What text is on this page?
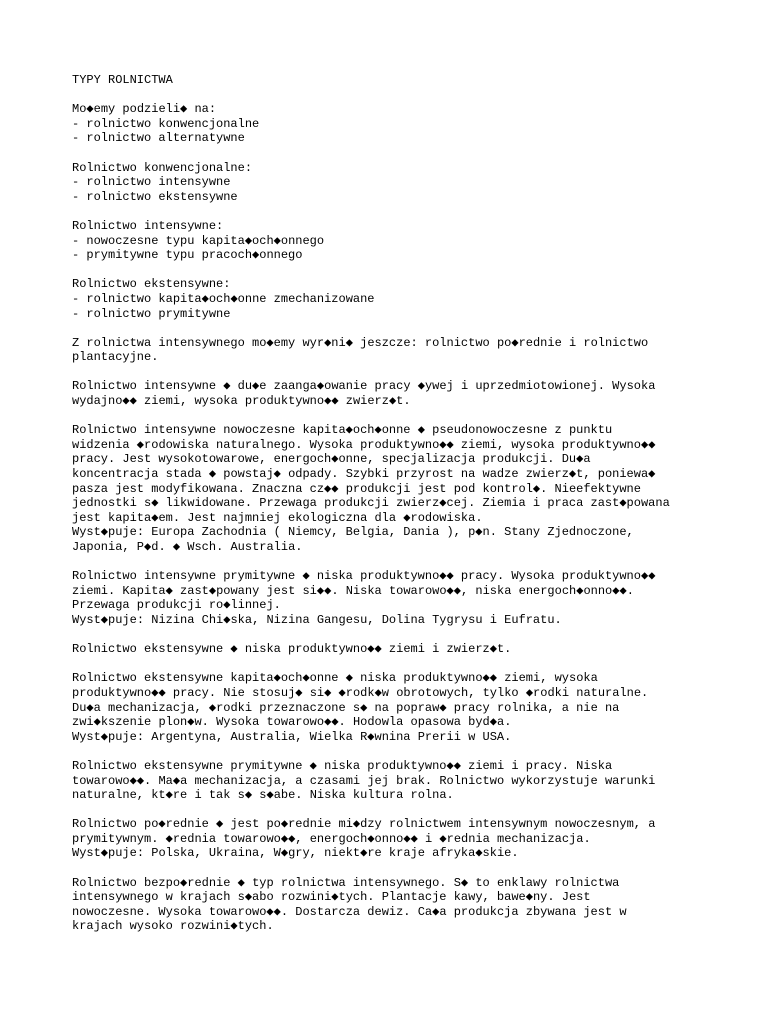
TYPY ROLNICTWA
Mo◆emy podzieli◆ na:
- rolnictwo konwencjonalne
- rolnictwo alternatywne
Rolnictwo konwencjonalne:
- rolnictwo intensywne
- rolnictwo ekstensywne
Rolnictwo intensywne:
- nowoczesne typu kapita◆och◆onnego
- prymitywne typu pracoch◆onnego
Rolnictwo ekstensywne:
- rolnictwo kapita◆och◆onne zmechanizowane
- rolnictwo prymitywne
Z rolnictwa intensywnego mo◆emy wyr◆ni◆ jeszcze: rolnictwo po◆rednie i rolnictwo
plantacyjne.
Rolnictwo intensywne ◆ du◆e zaanga◆owanie pracy ◆ywej i uprzedmiotowionej. Wysoka
wydajno◆◆ ziemi, wysoka produktywno◆◆ zwierz◆t.
Rolnictwo intensywne nowoczesne kapita◆och◆onne ◆ pseudonowoczesne z punktu
widzenia ◆rodowiska naturalnego. Wysoka produktywno◆◆ ziemi, wysoka produktywno◆◆
pracy. Jest wysokotowarowe, energoch◆onne, specjalizacja produkcji. Du◆a
koncentracja stada ◆ powstaj◆ odpady. Szybki przyrost na wadze zwierz◆t, poniewa◆
pasza jest modyfikowana. Znaczna cz◆◆ produkcji jest pod kontrol◆. Nieefektywne
jednostki s◆ likwidowane. Przewaga produkcji zwierz◆cej. Ziemia i praca zast◆powana
jest kapita◆em. Jest najmniej ekologiczna dla ◆rodowiska.
Wyst◆puje: Europa Zachodnia ( Niemcy, Belgia, Dania ), p◆n. Stany Zjednoczone,
Japonia, P◆d. ◆ Wsch. Australia.
Rolnictwo intensywne prymitywne ◆ niska produktywno◆◆ pracy. Wysoka produktywno◆◆
ziemi. Kapita◆ zast◆powany jest si◆◆. Niska towarowo◆◆, niska energoch◆onno◆◆.
Przewaga produkcji ro◆linnej.
Wyst◆puje: Nizina Chi◆ska, Nizina Gangesu, Dolina Tygrysu i Eufratu.
Rolnictwo ekstensywne ◆ niska produktywno◆◆ ziemi i zwierz◆t.
Rolnictwo ekstensywne kapita◆och◆onne ◆ niska produktywno◆◆ ziemi, wysoka
produktywno◆◆ pracy. Nie stosuj◆ si◆ ◆rodk◆w obrotowych, tylko ◆rodki naturalne.
Du◆a mechanizacja, ◆rodki przeznaczone s◆ na popraw◆ pracy rolnika, a nie na
zwi◆kszenie plon◆w. Wysoka towarowo◆◆. Hodowla opasowa byd◆a.
Wyst◆puje: Argentyna, Australia, Wielka R◆wnina Prerii w USA.
Rolnictwo ekstensywne prymitywne ◆ niska produktywno◆◆ ziemi i pracy. Niska
towarowo◆◆. Ma◆a mechanizacja, a czasami jej brak. Rolnictwo wykorzystuje warunki
naturalne, kt◆re i tak s◆ s◆abe. Niska kultura rolna.
Rolnictwo po◆rednie ◆ jest po◆rednie mi◆dzy rolnictwem intensywnym nowoczesnym, a
prymitywnym. ◆rednia towarowo◆◆, energoch◆onno◆◆ i ◆rednia mechanizacja.
Wyst◆puje: Polska, Ukraina, W◆gry, niekt◆re kraje afryka◆skie.
Rolnictwo bezpo◆rednie ◆ typ rolnictwa intensywnego. S◆ to enklawy rolnictwa
intensywnego w krajach s◆abo rozwini◆tych. Plantacje kawy, bawe◆ny. Jest
nowoczesne. Wysoka towarowo◆◆. Dostarcza dewiz. Ca◆a produkcja zbywana jest w
krajach wysoko rozwini◆tych.
